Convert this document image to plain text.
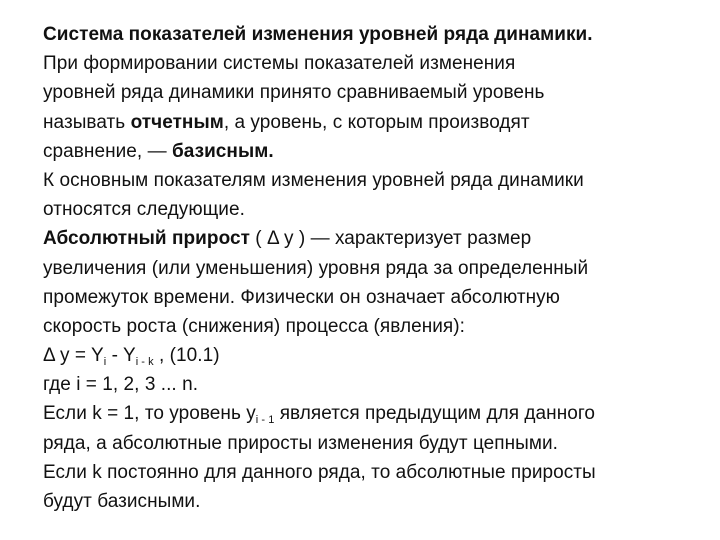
Система показателей изменения уровней ряда динамики.
При формировании системы показателей изменения
уровней ряда динамики принято сравниваемый уровень
называть отчетным, а уровень, с которым производят
сравнение, — базисным.
К основным показателям изменения уровней ряда динамики
относятся следующие.
Абсолютный прирост ( Δ y ) — характеризует размер
увеличения (или уменьшения) уровня ряда за определенный
промежуток времени. Физически он означает абсолютную
скорость роста (снижения) процесса (явления):
Δ $y = Y_i - Y_{i - k}$ , (10.1)
где i = 1, 2, 3 ... n.
Если k = 1, то уровень $y_{i - 1}$ является предыдущим для данного
ряда, а абсолютные приросты изменения будут цепными.
Если k постоянно для данного ряда, то абсолютные приросты
будут базисными.
